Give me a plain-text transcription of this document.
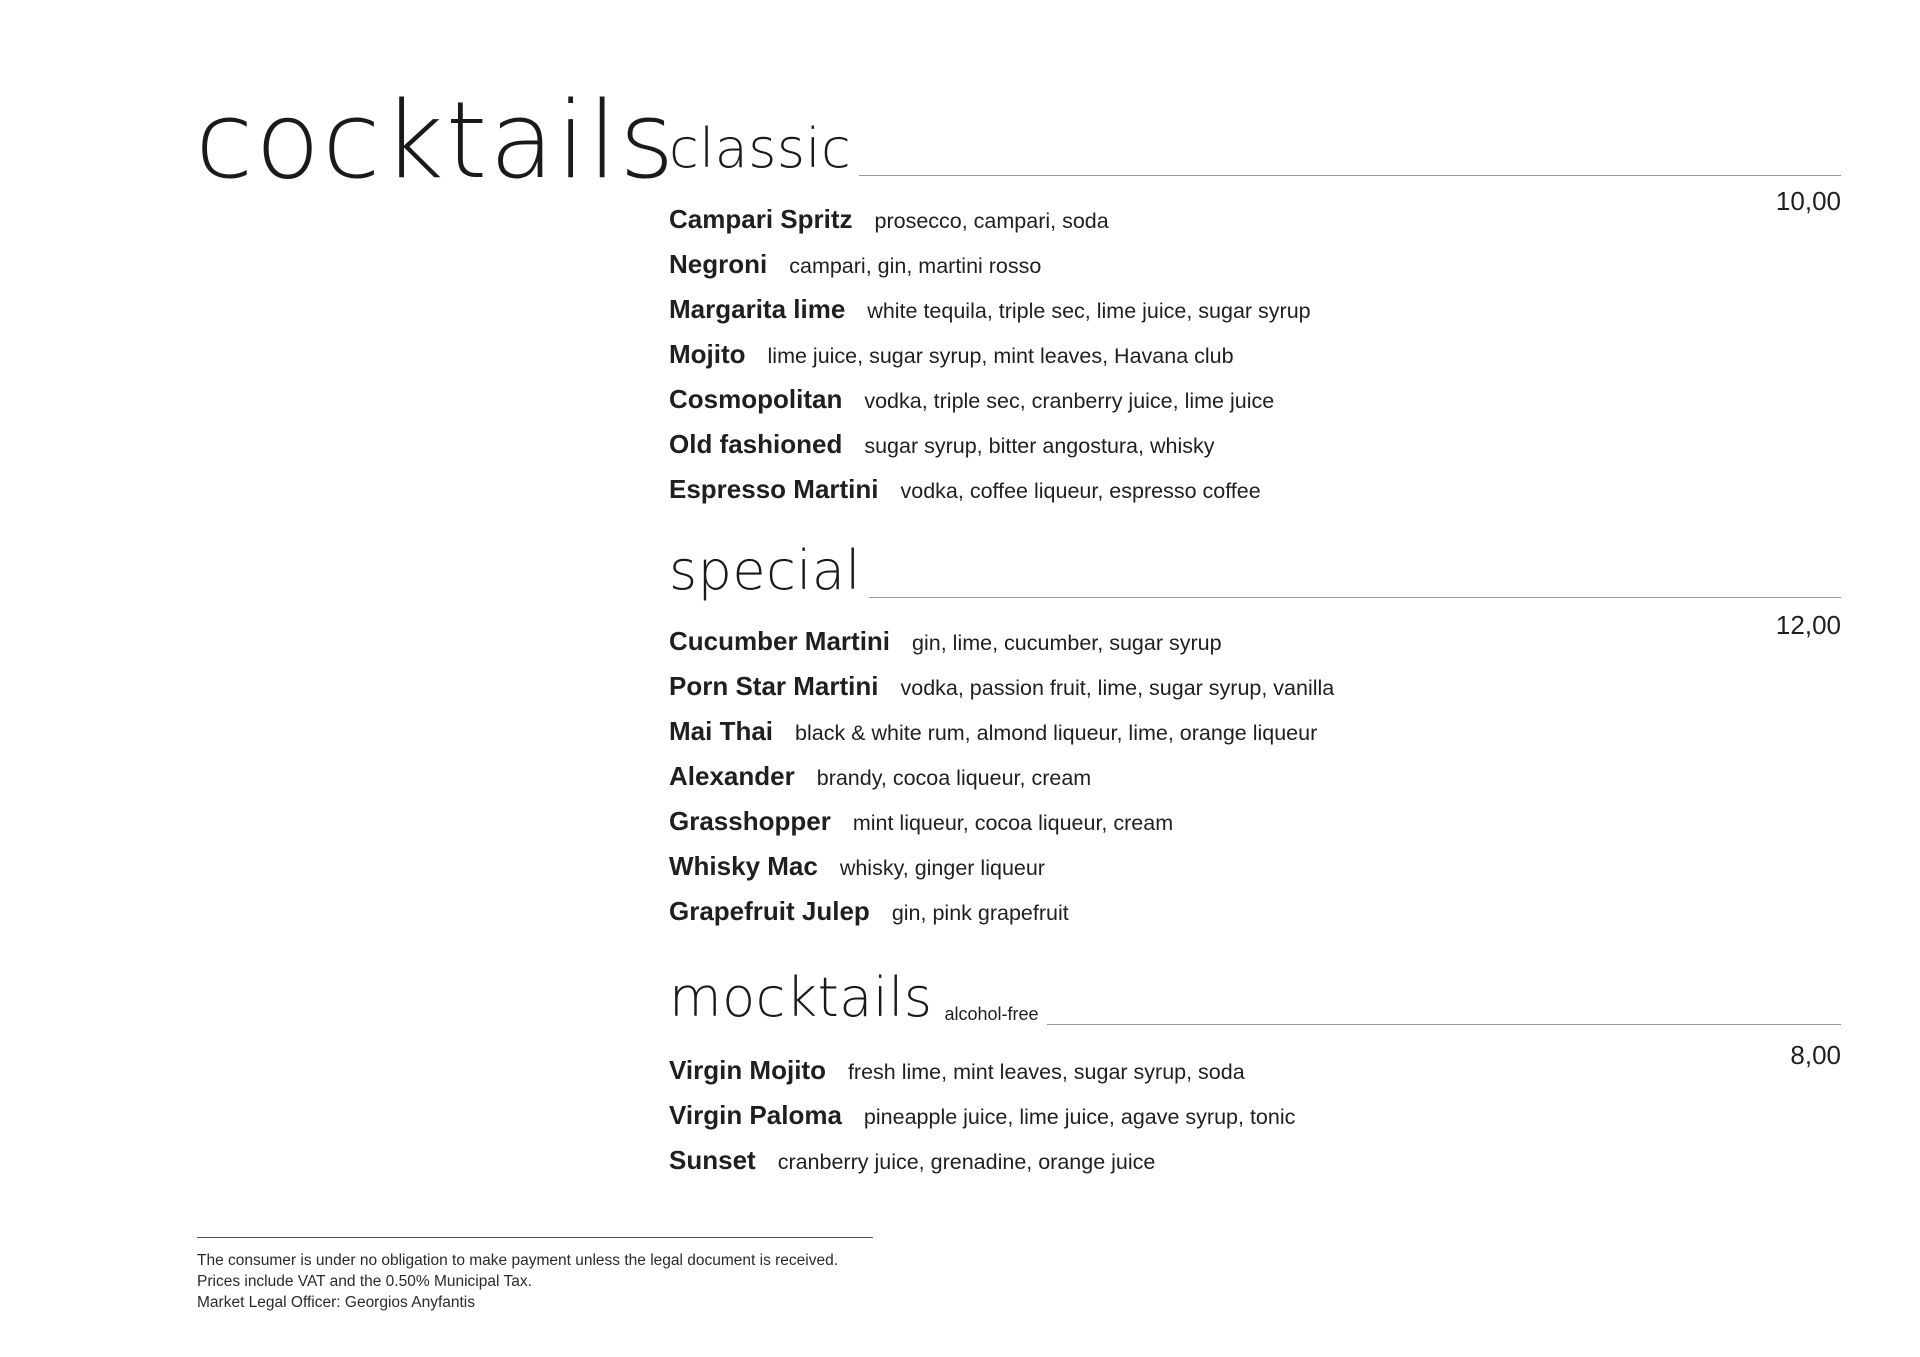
cocktails
classic
10,00
Campari Spritz prosecco, campari, soda
Negroni campari, gin, martini rosso
Margarita lime white tequila, triple sec, lime juice, sugar syrup
Mojito lime juice, sugar syrup, mint leaves, Havana club
Cosmopolitan vodka, triple sec, cranberry juice, lime juice
Old fashioned sugar syrup, bitter angostura, whisky
Espresso Martini vodka, coffee liqueur, espresso coffee
special
12,00
Cucumber Martini gin, lime, cucumber, sugar syrup
Porn Star Martini vodka, passion fruit, lime, sugar syrup, vanilla
Mai Thai black & white rum, almond liqueur, lime, orange liqueur
Alexander brandy, cocoa liqueur, cream
Grasshopper mint liqueur, cocoa liqueur, cream
Whisky Mac whisky, ginger liqueur
Grapefruit Julep gin, pink grapefruit
mocktails alcohol-free
8,00
Virgin Mojito fresh lime, mint leaves, sugar syrup, soda
Virgin Paloma pineapple juice, lime juice, agave syrup, tonic
Sunset cranberry juice, grenadine, orange juice
The consumer is under no obligation to make payment unless the legal document is received.
Prices include VAT and the 0.50% Municipal Tax.
Market Legal Officer: Georgios Anyfantis
